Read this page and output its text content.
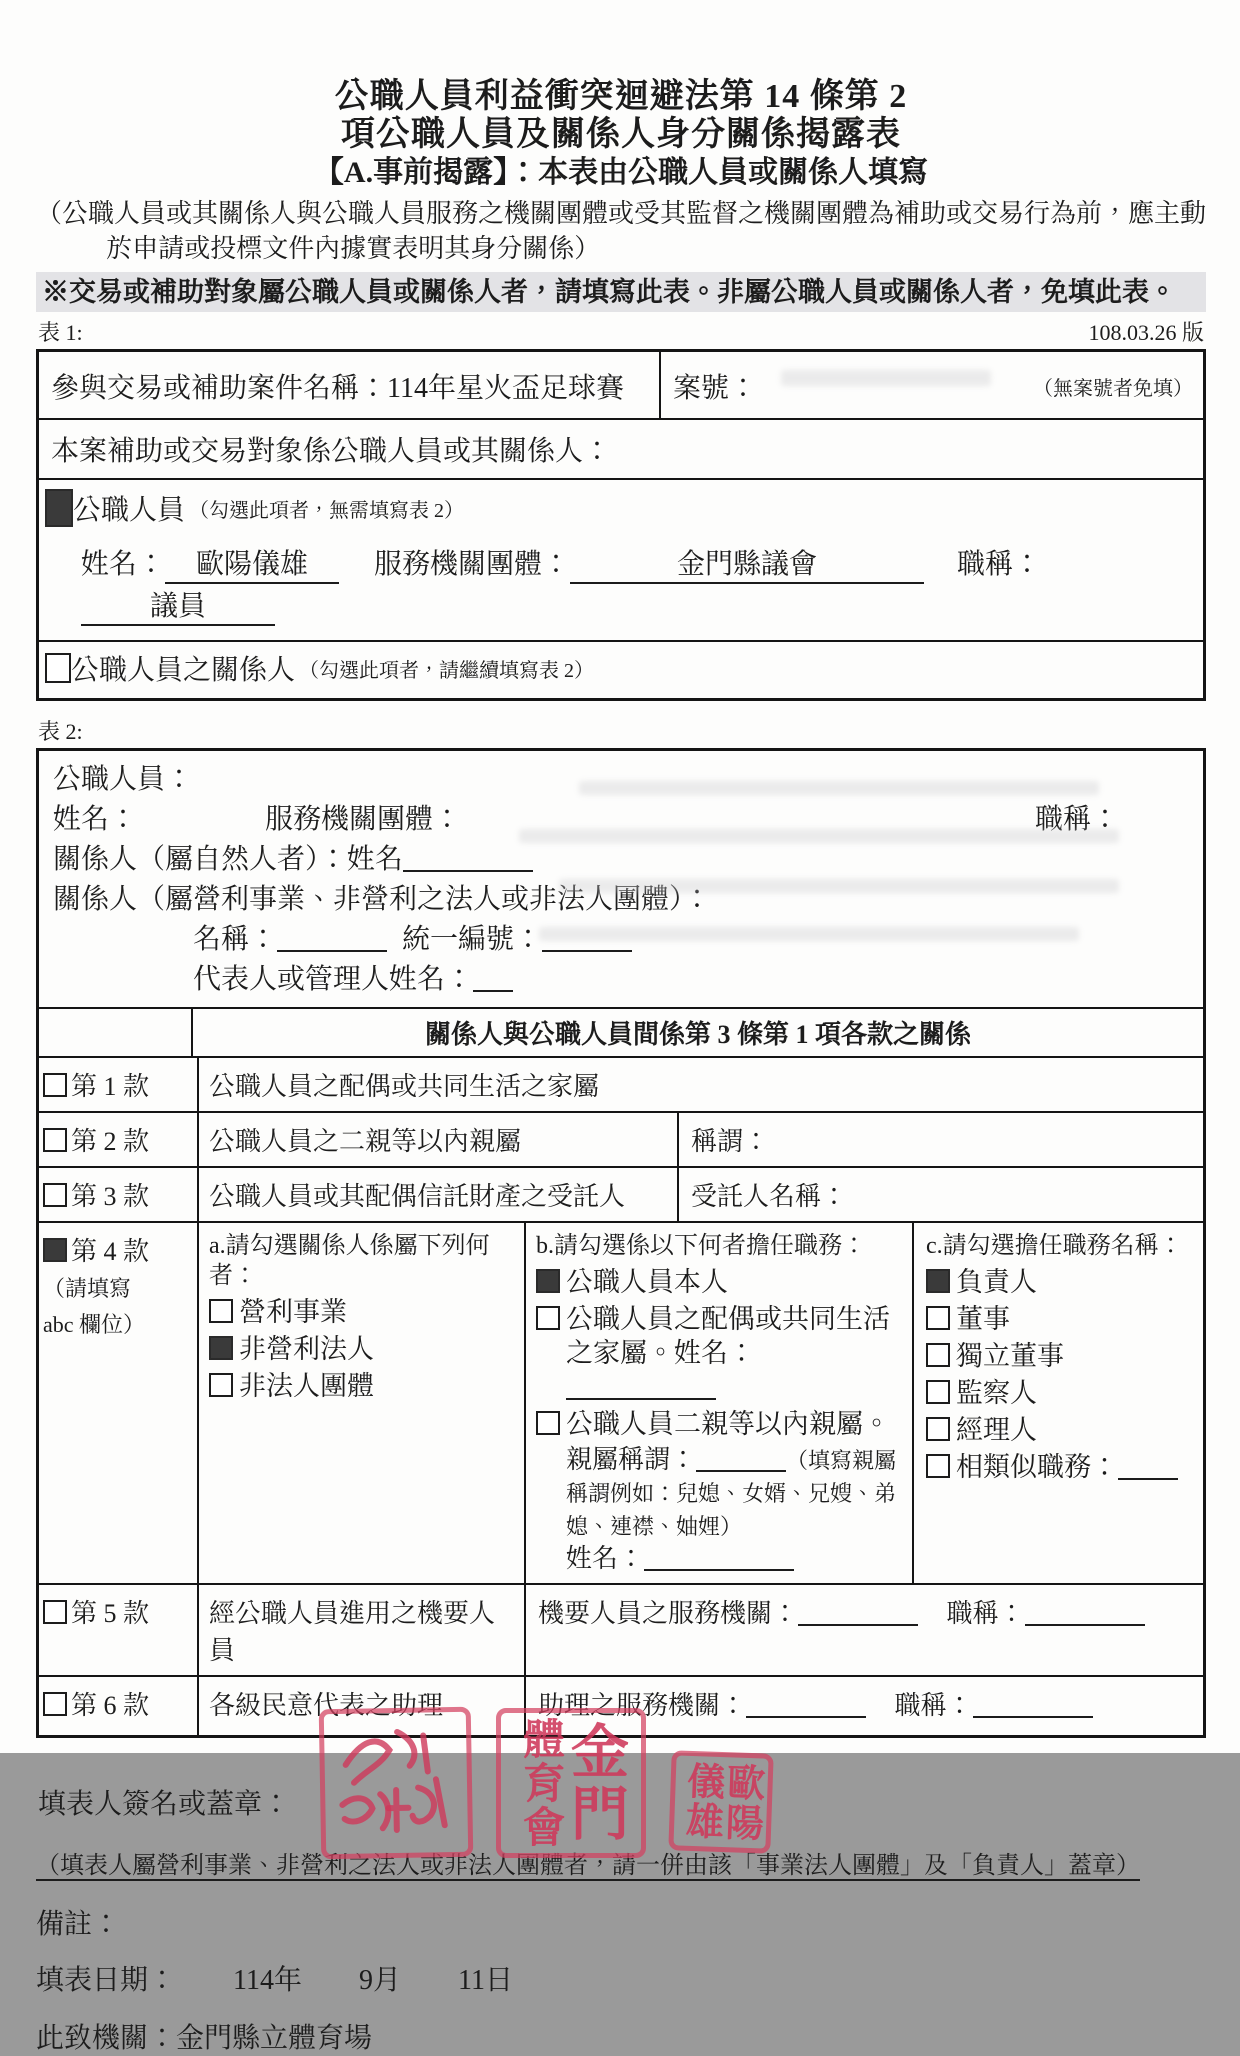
公職人員利益衝突迴避法第 14 條第 2
項公職人員及關係人身分關係揭露表
【A.事前揭露】：本表由公職人員或關係人填寫
（公職人員或其關係人與公職人員服務之機關團體或受其監督之機關團體為補助或交易行為前，應主動於申請或投標文件內據實表明其身分關係）
※交易或補助對象屬公職人員或關係人者，請填寫此表。非屬公職人員或關係人者，免填此表。
表 1:	108.03.26 版
參與交易或補助案件名稱：114年星火盃足球賽	案號：	（無案號者免填）
本案補助或交易對象係公職人員或其關係人：
公職人員 （勾選此項者，無需填寫表 2）
姓名： 歐陽儀雄 服務機關團體：	金門縣議會	職稱：議員
公職人員之關係人 （勾選此項者，請繼續填寫表 2）
表 2:
公職人員：
姓名：	服務機關團體：	職稱：
關係人（屬自然人者）：姓名
關係人（屬營利事業、非營利之法人或非法人團體）：
名稱：	統一編號：
代表人或管理人姓名：
關係人與公職人員間係第 3 條第 1 項各款之關係
第 1 款	公職人員之配偶或共同生活之家屬
第 2 款	公職人員之二親等以內親屬	稱謂：
第 3 款	公職人員或其配偶信託財產之受託人	受託人名稱：
第 4 款
（請填寫
abc 欄位）
a.請勾選關係人係屬下列何者：
營利事業
非營利法人
非法人團體
b.請勾選係以下何者擔任職務：
公職人員本人
公職人員之配偶或共同生活之家屬。姓名：
公職人員二親等以內親屬。
親屬稱謂：	（填寫親屬稱謂例如：兒媳、女婿、兄嫂、弟媳、連襟、妯娌）
姓名：
c.請勾選擔任職務名稱：
負責人
董事
獨立董事
監察人
經理人
相類似職務：
第 5 款	經公職人員進用之機要人員
機要人員之服務機關：	職稱：
第 6 款	各級民意代表之助理	助理之服務機關：	職稱：
填表人簽名或蓋章：	金門
體育會	歐陽
儀雄
（填表人屬營利事業、非營利之法人或非法人團體者，請一併由該「事業法人團體」及「負責人」蓋章）
備註：
填表日期： 114年 9月 11日
此致機關：金門縣立體育場
